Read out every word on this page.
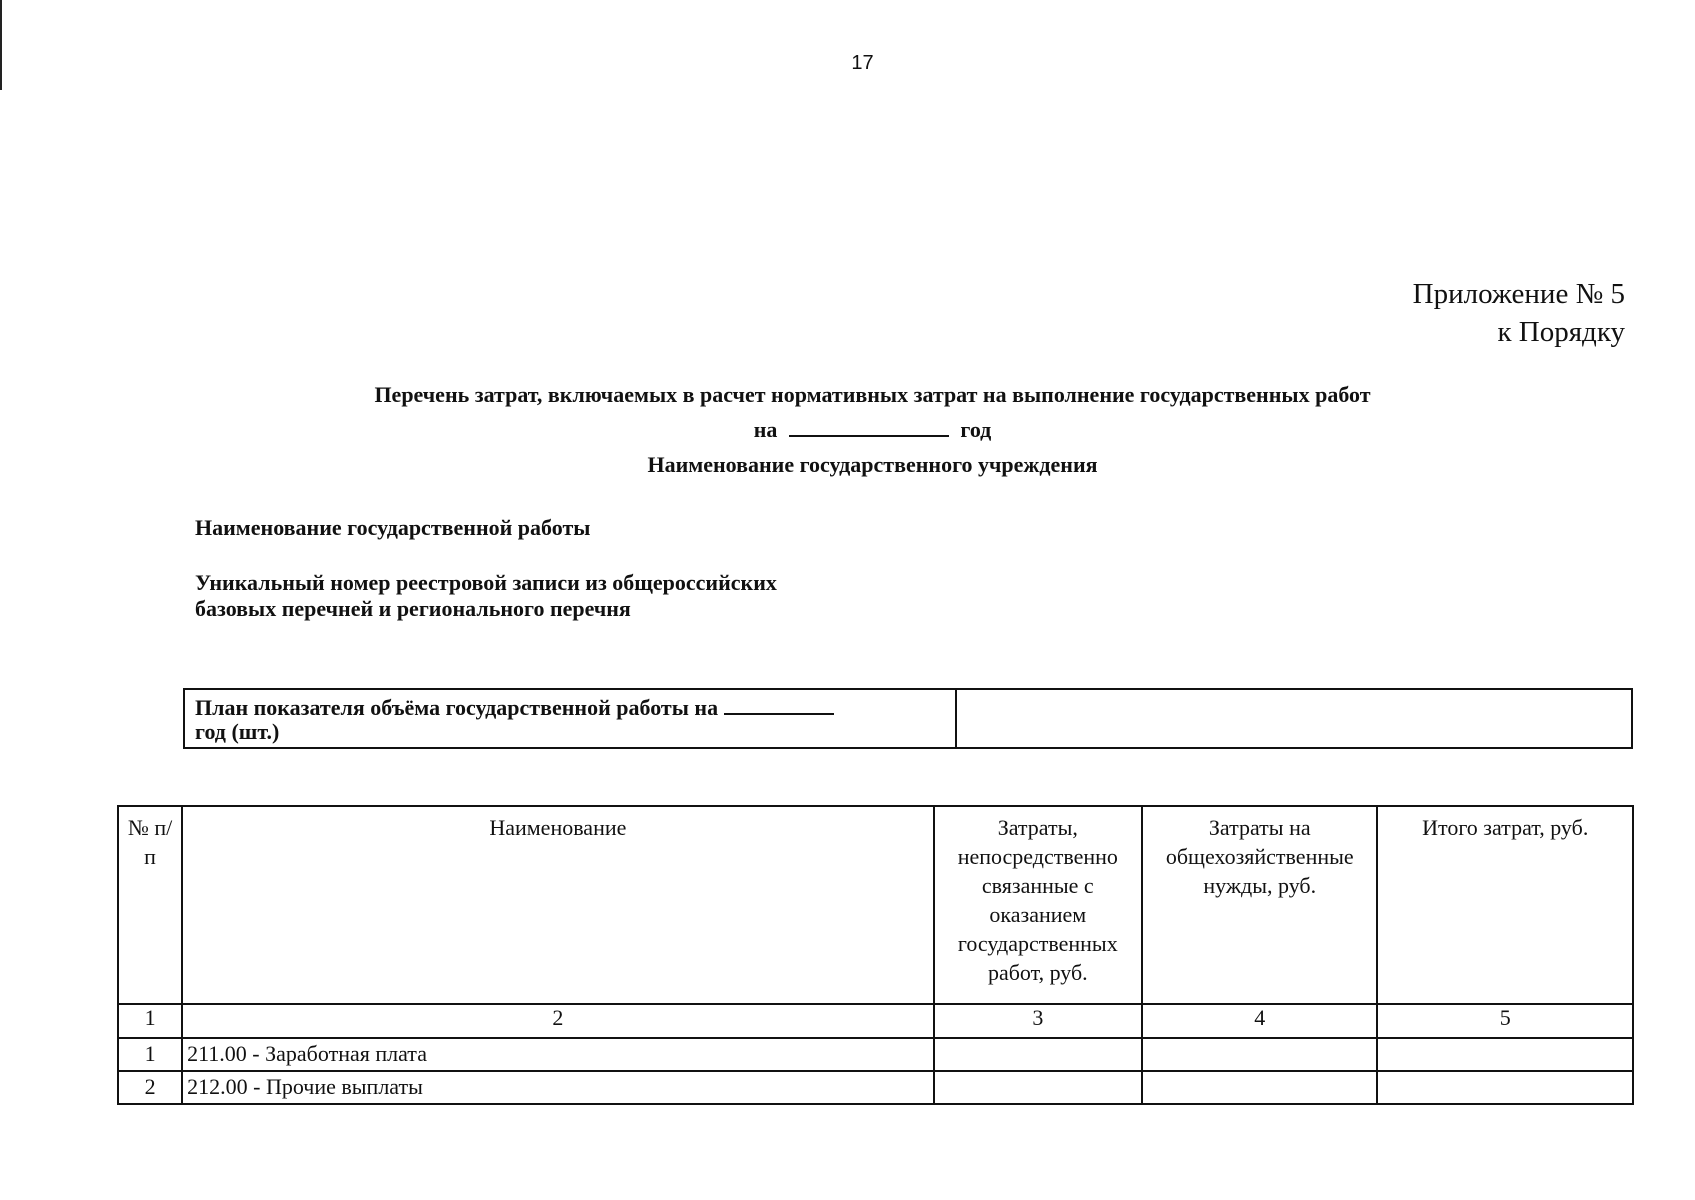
17
Приложение № 5
к Порядку
Перечень затрат, включаемых в расчет нормативных затрат на выполнение государственных работ
на	год
Наименование государственного учреждения
Наименование государственной работы
Уникальный номер реестровой записи из общероссийских
базовых перечней и регионального перечня
План показателя объёма государственной работы на
год (шт.)	
№ п/п	Наименование	Затраты, непосредственно связанные с оказанием государственных работ, руб.	Затраты на общехозяйственные нужды, руб.	Итого затрат, руб.
1	2	3	4	5
1	211.00 - Заработная плата			
2	212.00 - Прочие выплаты			
